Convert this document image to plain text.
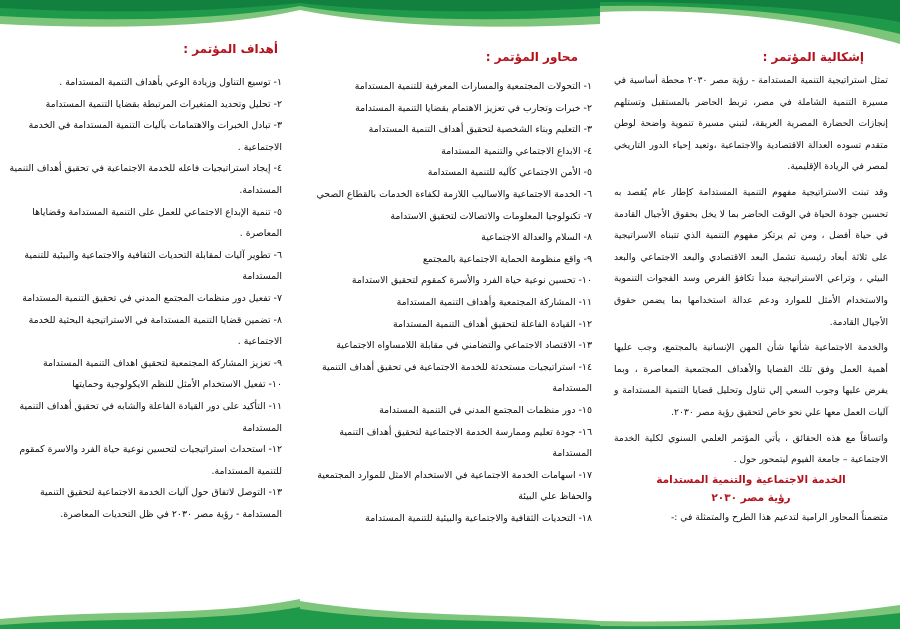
أهداف المؤتمر :
١- توسيع التناول وزيادة الوعي بأهداف التنمية المستدامة .
٢- تحليل وتحديد المتغيرات المرتبطة بقضايا التنمية المستدامة
٣- تبادل الخبرات والاهتمامات بآليات التنمية المستدامة في الخدمة الاجتماعية .
٤- إيجاد استراتيجيات فاعله للخدمة الاجتماعية في تحقيق أهداف التنمية المستدامة.
٥- تنمية الإبداع الاجتماعي للعمل على التنمية المستدامة وقضاياها المعاصرة .
٦- تطوير آليات لمقابلة التحديات الثقافية والاجتماعية والبيئية للتنمية المستدامة
٧- تفعيل دور منظمات المجتمع المدني في تحقيق التنمية المستدامة
٨- تضمين قضايا التنمية المستدامة في الاستراتيجية البحثية للخدمة الاجتماعية .
٩- تعزيز المشاركة المجتمعية لتحقيق اهداف التنمية المستدامة
١٠- تفعيل الاستخدام الأمثل للنظم الايكولوجية وحمايتها
١١- التأكيد على دور القيادة الفاعلة والشابه في تحقيق أهداف التنمية المستدامة
١٢- استحداث استراتيجيات لتحسين نوعية حياة الفرد والاسرة كمقوم للتنمية المستدامة.
١٣- التوصل لاتفاق حول آليات الخدمة الاجتماعية لتحقيق التنمية المستدامة - رؤية مصر ٢٠٣٠ في ظل التحديات المعاصرة.
محاور المؤتمر :
١- التحولات المجتمعية والمسارات المعرفية للتنمية المستدامة
٢- خبرات وتجارب في تعزيز الاهتمام بقضايا التنمية المستدامة
٣- التعليم وبناء الشخصية لتحقيق أهداف التنمية المستدامة
٤- الابداع الاجتماعي والتنمية المستدامة
٥- الأمن الاجتماعي كآليه للتنمية المستدامة
٦- الخدمة الاجتماعية والاساليب اللازمة لكفاءة الخدمات بالقطاع الصحي
٧- تكنولوجيا المعلومات والاتصالات لتحقيق الاستدامة
٨- السلام والعدالة الاجتماعية
٩- واقع منظومة الحماية الاجتماعية بالمجتمع
١٠- تحسين نوعية حياة الفرد والأسرة كمقوم لتحقيق الاستدامة
١١- المشاركة المجتمعية وأهداف التنمية المستدامة
١٢- القيادة الفاعلة لتحقيق أهداف التنمية المستدامة
١٣- الاقتصاد الاجتماعي والتضامني في مقابلة اللامساواه الاجتماعية
١٤- استراتيجيات مستحدثة للخدمة الاجتماعية في تحقيق أهداف التنمية المستدامة
١٥- دور منظمات المجتمع المدني في التنمية المستدامة
١٦- جودة تعليم وممارسة الخدمة الاجتماعية لتحقيق أهداف التنمية المستدامة
١٧- اسهامات الخدمة الاجتماعية في الاستخدام الامثل للموارد المجتمعية والحفاظ علي البيئة
١٨- التحديات الثقافية والاجتماعية والبيئية للتنمية المستدامة
إشكالية المؤتمر :

تمثل استراتيجية التنمية المستدامة - رؤية مصر ٢٠٣٠ محطة أساسية في مسيرة التنمية الشاملة في مصر، تربط الحاضر بالمستقبل وتستلهم إنجازات الحضارة المصرية العريقة، لتبني مسيرة تنموية واضحة لوطن متقدم تسوده العدالة الاقتصادية والاجتماعية ،وتعيد إحياء الدور التاريخي لمصر في الريادة الإقليمية.

وقد تبنت الاستراتيجية مفهوم التنمية المستدامة كإطار عام يُقصد به تحسين جودة الحياة في الوقت الحاضر بما لا يخل بحقوق الأجيال القادمة في حياة أفضل ، ومن ثم يرتكز مفهوم التنمية الذي تتبناه الاسراتيجية على ثلاثة أبعاد رئيسية تشمل البعد الاقتصادي والبعد الاجتماعي والبعد البيئي ، وتراعي الاستراتيجية مبدأ تكافؤ الفرص وسد الفجوات التنموية والاستخدام الأمثل للموارد ودعم عدالة استخدامها بما يضمن حقوق الأجيال القادمة.

والخدمة الاجتماعية شأنها شأن المهن الإنسانية بالمجتمع، وجب عليها أهمية العمل وفق تلك القضايا والأهداف المجتمعية المعاصرة ، وبما يفرض عليها وجوب السعي إلي تناول وتحليل قضايا التنمية المستدامة و آليات العمل معها علي نحو خاص لتحقيق رؤية مصر ٢٠٣٠.

واتساقاً مع هذه الحقائق ، يأتي المؤتمر العلمي السنوي لكلية الخدمة الاجتماعية – جامعة الفيوم ليتمحور حول .

الخدمة الاجتماعية والتنمية المستدامة
رؤية مصر ٢٠٣٠

متضمناً المحاور الرامية لتدعيم هذا الطرح والمتمثلة في :-
